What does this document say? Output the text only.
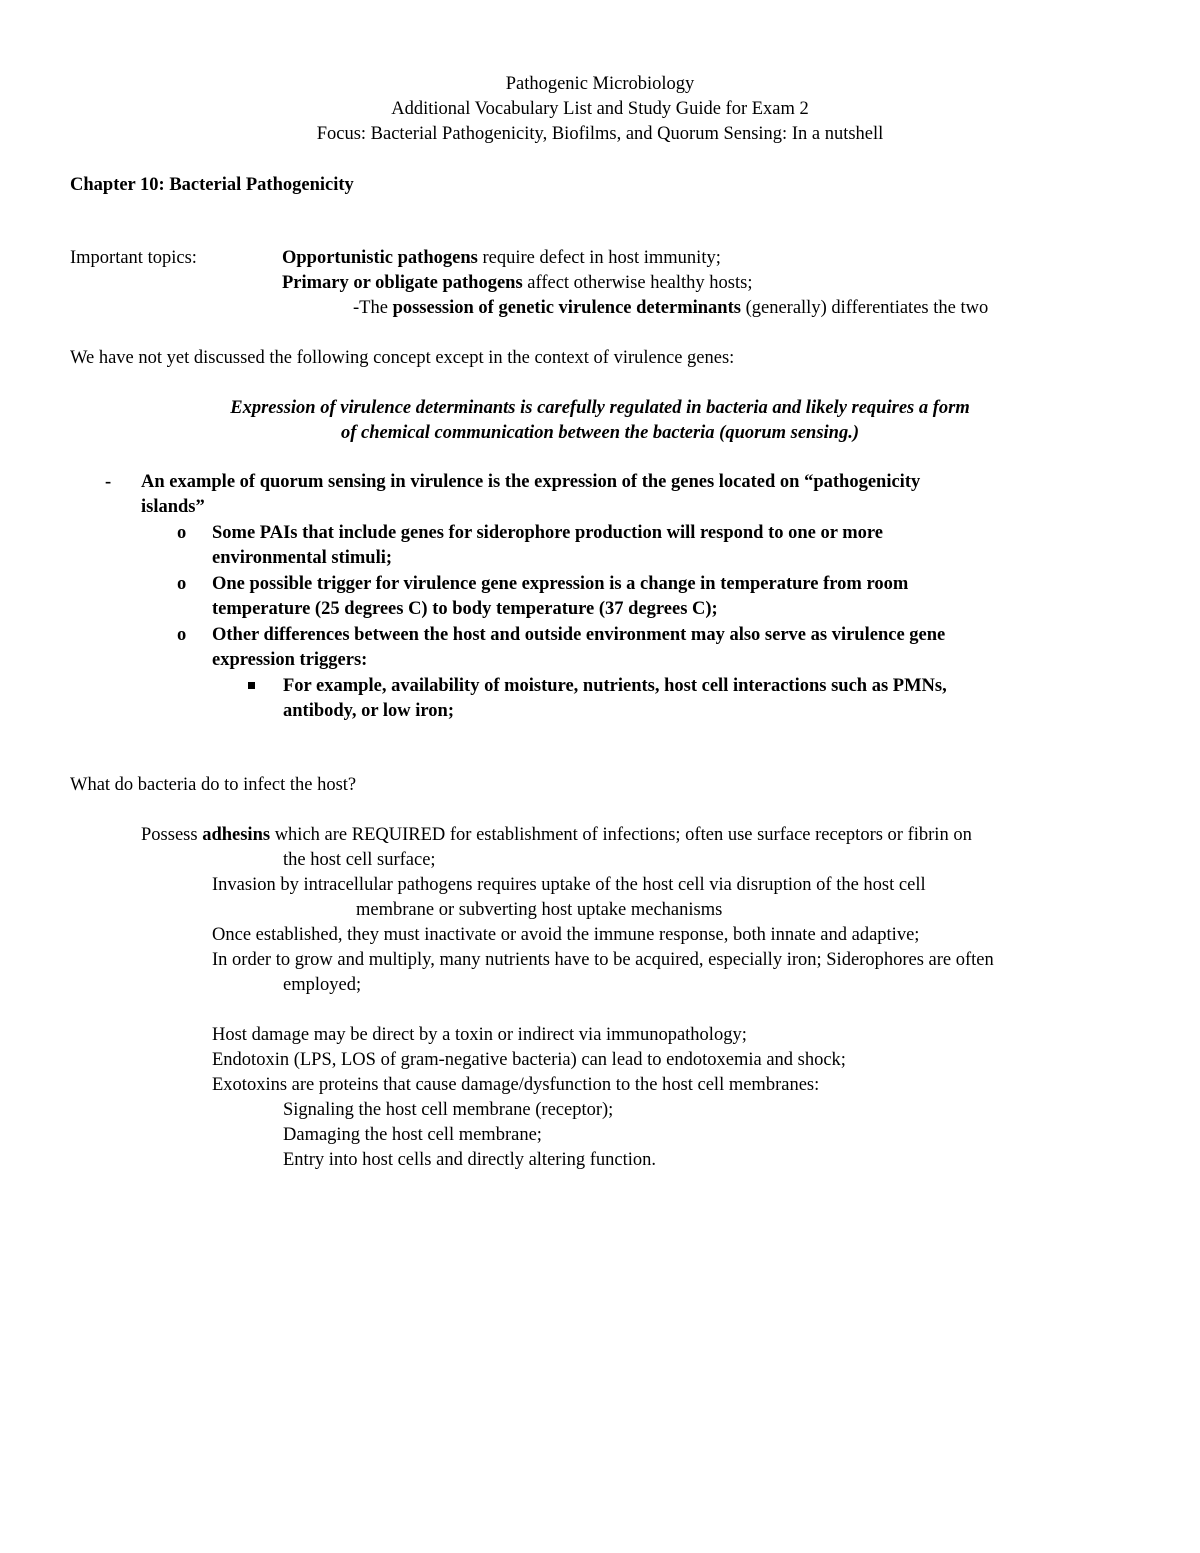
Pathogenic Microbiology
Additional Vocabulary List and Study Guide for Exam 2
Focus: Bacterial Pathogenicity, Biofilms, and Quorum Sensing: In a nutshell
Chapter 10: Bacterial Pathogenicity
Important topics:	Opportunistic pathogens require defect in host immunity;
Primary or obligate pathogens affect otherwise healthy hosts;
-The possession of genetic virulence determinants (generally) differentiates the two
We have not yet discussed the following concept except in the context of virulence genes:
Expression of virulence determinants is carefully regulated in bacteria and likely requires a form
of chemical communication between the bacteria (quorum sensing.)
- An example of quorum sensing in virulence is the expression of the genes located on “pathogenicity
islands”
o Some PAIs that include genes for siderophore production will respond to one or more
environmental stimuli;
o One possible trigger for virulence gene expression is a change in temperature from room
temperature (25 degrees C) to body temperature (37 degrees C);
o Other differences between the host and outside environment may also serve as virulence gene
expression triggers:
For example, availability of moisture, nutrients, host cell interactions such as PMNs,
antibody, or low iron;
What do bacteria do to infect the host?
Possess adhesins which are REQUIRED for establishment of infections; often use surface receptors or fibrin on
the host cell surface;
Invasion by intracellular pathogens requires uptake of the host cell via disruption of the host cell
membrane or subverting host uptake mechanisms
Once established, they must inactivate or avoid the immune response, both innate and adaptive;
In order to grow and multiply, many nutrients have to be acquired, especially iron; Siderophores are often
employed;
Host damage may be direct by a toxin or indirect via immunopathology;
Endotoxin (LPS, LOS of gram-negative bacteria) can lead to endotoxemia and shock;
Exotoxins are proteins that cause damage/dysfunction to the host cell membranes:
Signaling the host cell membrane (receptor);
Damaging the host cell membrane;
Entry into host cells and directly altering function.
